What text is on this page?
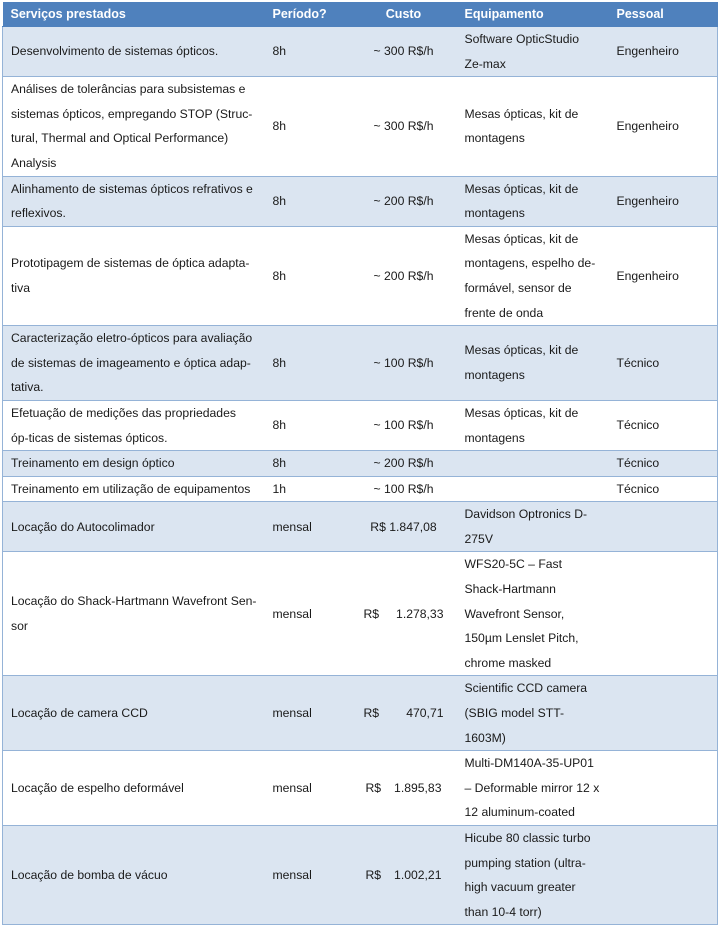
Serviços prestados	Período?	Custo	Equipamento	Pessoal
Desenvolvimento de sistemas ópticos.	8h	~ 300 R$/h	Software OpticStudio Ze-max	Engenheiro
Análises de tolerâncias para subsistemas e sistemas ópticos, empregando STOP (Struc-tural, Thermal and Optical Performance) Analysis	8h	~ 300 R$/h	Mesas ópticas, kit de montagens	Engenheiro
Alinhamento de sistemas ópticos refrativos e reflexivos.	8h	~ 200 R$/h	Mesas ópticas, kit de montagens	Engenheiro
Prototipagem de sistemas de óptica adapta-tiva	8h	~ 200 R$/h	Mesas ópticas, kit de montagens, espelho de-formável, sensor de frente de onda	Engenheiro
Caracterização eletro-ópticos para avaliação de sistemas de imageamento e óptica adap-tativa.	8h	~ 100 R$/h	Mesas ópticas, kit de montagens	Técnico
Efetuação de medições das propriedades óp-ticas de sistemas ópticos.	8h	~ 100 R$/h	Mesas ópticas, kit de montagens	Técnico
Treinamento em design óptico	8h	~ 200 R$/h		Técnico
Treinamento em utilização de equipamentos	1h	~ 100 R$/h		Técnico
Locação do Autocolimador	mensal	R$ 1.847,08	Davidson Optronics D-275V	
Locação do Shack-Hartmann Wavefront Sen-sor	mensal	R$ 1.278,33	WFS20-5C – Fast Shack-Hartmann Wavefront Sensor, 150µm Lenslet Pitch, chrome masked	
Locação de camera CCD	mensal	R$ 470,71	Scientific CCD camera (SBIG model STT-1603M)	
Locação de espelho deformável	mensal	R$ 1.895,83	Multi-DM140A-35-UP01 – Deformable mirror 12 x 12 aluminum-coated	
Locação de bomba de vácuo	mensal	R$ 1.002,21	Hicube 80 classic turbo pumping station (ultra-high vacuum greater than 10-4 torr)	
